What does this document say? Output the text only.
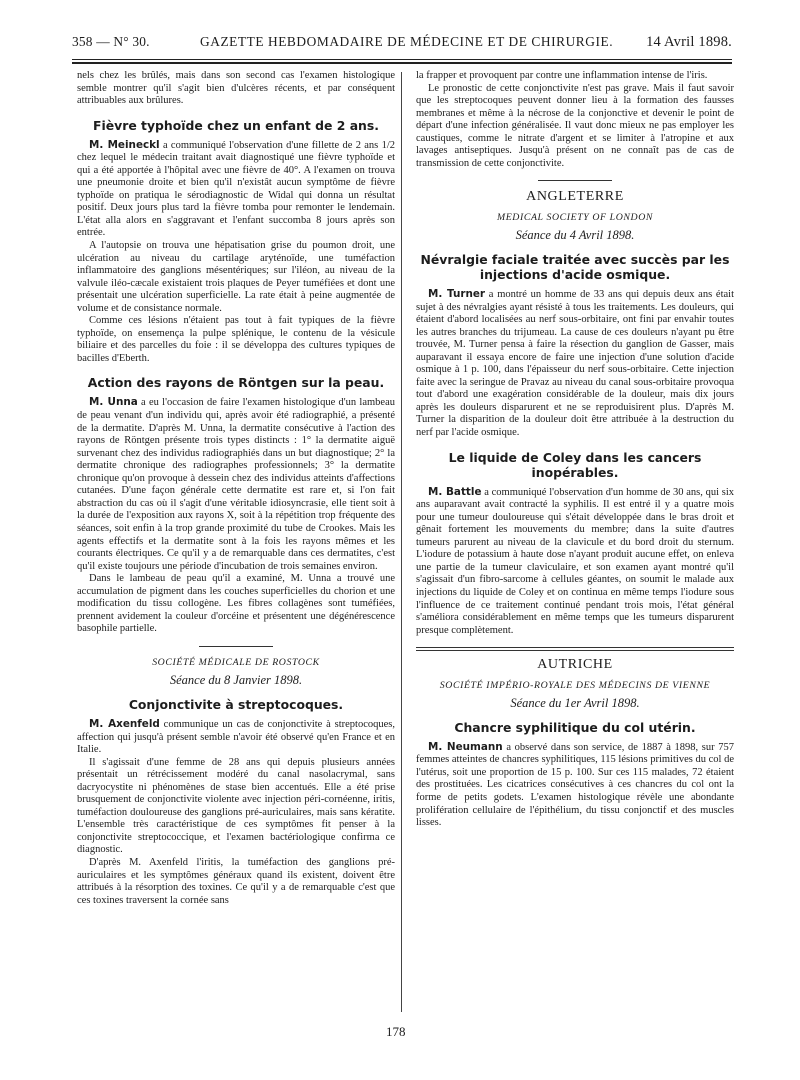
358 — N° 30.	GAZETTE HEBDOMADAIRE DE MÉDECINE ET DE CHIRURGIE. 14 Avril 1898.

nels chez les brûlés, mais dans son second cas l'examen histologique semble montrer qu'il s'agit bien d'ulcères récents, et par conséquent attribuables aux brûlures.

Fièvre typhoïde chez un enfant de 2 ans.

M. Meineckl a communiqué l'observation d'une fillette de 2 ans 1/2 chez lequel le médecin traitant avait diagnostiqué une fièvre typhoïde et qui a été apportée à l'hôpital avec une fièvre de 40°. A l'examen on trouva une pneumonie droite et bien qu'il n'existât aucun symptôme de fièvre typhoïde on pratiqua le sérodiagnostic de Widal qui donna un résultat positif. Deux jours plus tard la fièvre tomba pour remonter le lendemain. L'état alla alors en s'aggravant et l'enfant succomba 8 jours après son entrée.

A l'autopsie on trouva une hépatisation grise du poumon droit, une ulcération au niveau du cartilage aryténoïde, une tuméfaction inflammatoire des ganglions mésentériques; sur l'iléon, au niveau de la valvule iléo-cæcale existaient trois plaques de Peyer tuméfiées et dont une présentait une ulcération superficielle. La rate était à peine augmentée de volume et de consistance normale.

Comme ces lésions n'étaient pas tout à fait typiques de la fièvre typhoïde, on ensemença la pulpe splénique, le contenu de la vésicule biliaire et des parcelles du foie : il se développa des cultures typiques de bacilles d'Eberth.

Action des rayons de Röntgen sur la peau.

M. Unna a eu l'occasion de faire l'examen histologique d'un lambeau de peau venant d'un individu qui, après avoir été radiographié, a présenté de la dermatite. D'après M. Unna, la dermatite consécutive à l'action des rayons de Röntgen présente trois types distincts : 1° la dermatite aiguë survenant chez des individus radiographiés dans un but diagnostique; 2° la dermatite chronique des radiographes professionnels; 3° la dermatite chronique qu'on provoque à dessein chez des individus atteints d'affections cutanées. D'une façon générale cette dermatite est rare et, si l'on fait abstraction du cas où il s'agit d'une véritable idiosyncrasie, elle tient soit à la durée de l'exposition aux rayons X, soit à la répétition trop fréquente des séances, soit enfin à la trop grande proximité du tube de Crookes. Mais les agents effectifs et la dermatite sont à la fois les rayons mêmes et les courants électriques. Ce qu'il y a de remarquable dans ces dermatites, c'est qu'il existe toujours une période d'incubation de trois semaines environ.

Dans le lambeau de peau qu'il a examiné, M. Unna a trouvé une accumulation de pigment dans les couches superficielles du chorion et une modification du tissu collogène. Les fibres collagènes sont tuméfiées, prennent avidement la couleur d'orcéine et présentent une dégénérescence basophile partielle.

SOCIÉTÉ MÉDICALE DE ROSTOCK
Séance du 8 Janvier 1898.
Conjonctivite à streptocoques.

M. Axenfeld communique un cas de conjonctivite à streptocoques, affection qui jusqu'à présent semble n'avoir été observé qu'en France et en Italie.

Il s'agissait d'une femme de 28 ans qui depuis plusieurs années présentait un rétrécissement modéré du canal nasolacrymal, sans dacryocystite ni phénomènes de stase bien accentués. Elle a été prise brusquement de conjonctivite violente avec injection péri-cornéenne, iritis, tuméfaction douloureuse des ganglions pré-auriculaires, mais sans kératite. L'ensemble très caractéristique de ces symptômes fit penser à la conjonctivite streptococcique, et l'examen bactériologique confirma ce diagnostic.

D'après M. Axenfeld l'iritis, la tuméfaction des ganglions pré-auriculaires et les symptômes généraux quand ils existent, doivent être attribués à la résorption des toxines. Ce qu'il y a de remarquable c'est que ces toxines traversent la cornée sans

la frapper et provoquent par contre une inflammation intense de l'iris.

Le pronostic de cette conjonctivite n'est pas grave. Mais il faut savoir que les streptocoques peuvent donner lieu à la formation des fausses membranes et même à la nécrose de la conjonctive et devenir le point de départ d'une infection généralisée. Il vaut donc mieux ne pas employer les caustiques, comme le nitrate d'argent et se limiter à l'atropine et aux lavages antiseptiques. Jusqu'à présent on ne connaît pas de cas de transmission de cette conjonctivite.

ANGLETERRE
MEDICAL SOCIETY OF LONDON
Séance du 4 Avril 1898.
Névralgie faciale traitée avec succès par les injections d'acide osmique.

M. Turner a montré un homme de 33 ans qui depuis deux ans était sujet à des névralgies ayant résisté à tous les traitements. Les douleurs, qui étaient d'abord localisées au nerf sous-orbitaire, ont fini par envahir toutes les autres branches du trijumeau. La cause de ces douleurs n'ayant pu être trouvée, M. Turner pensa à faire la résection du ganglion de Gasser, mais auparavant il essaya encore de faire une injection d'une solution d'acide osmique à 1 p. 100, dans l'épaisseur du nerf sous-orbitaire. Cette injection faite avec la seringue de Pravaz au niveau du canal sous-orbitaire provoqua tout d'abord une exagération considérable de la douleur, mais dix jours après les douleurs disparurent et ne se reproduisirent plus. D'après M. Turner la disparition de la douleur doit être attribuée à la destruction du nerf par l'acide osmique.

Le liquide de Coley dans les cancers inopérables.

M. Battle a communiqué l'observation d'un homme de 30 ans, qui six ans auparavant avait contracté la syphilis. Il est entré il y a quatre mois pour une tumeur douloureuse qui s'était développée dans le bras droit et gênait fortement les mouvements du membre; dans la suite d'autres tumeurs parurent au niveau de la clavicule et du bord droit du sternum. L'iodure de potassium à haute dose n'ayant produit aucune effet, on enleva une partie de la tumeur claviculaire, et son examen ayant montré qu'il s'agissait d'un fibro-sarcome à cellules géantes, on soumit le malade aux injections du liquide de Coley et on continua en même temps l'iodure sous l'influence de ce traitement continué pendant trois mois, l'état général s'améliora considérablement en même temps que les tumeurs disparurent presque complètement.

AUTRICHE
SOCIÉTÉ IMPÉRIO-ROYALE DES MÉDECINS DE VIENNE
Séance du 1er Avril 1898.
Chancre syphilitique du col utérin.

M. Neumann a observé dans son service, de 1887 à 1898, sur 757 femmes atteintes de chancres syphilitiques, 115 lésions primitives du col de l'utérus, soit une proportion de 15 p. 100. Sur ces 115 malades, 72 étaient des prostituées. Les cicatrices consécutives à ces chancres du col ont la forme de petits godets. L'examen histologique révèle une abondante prolifération cellulaire de l'épithélium, du tissu conjonctif et des muscles lisses.

178
